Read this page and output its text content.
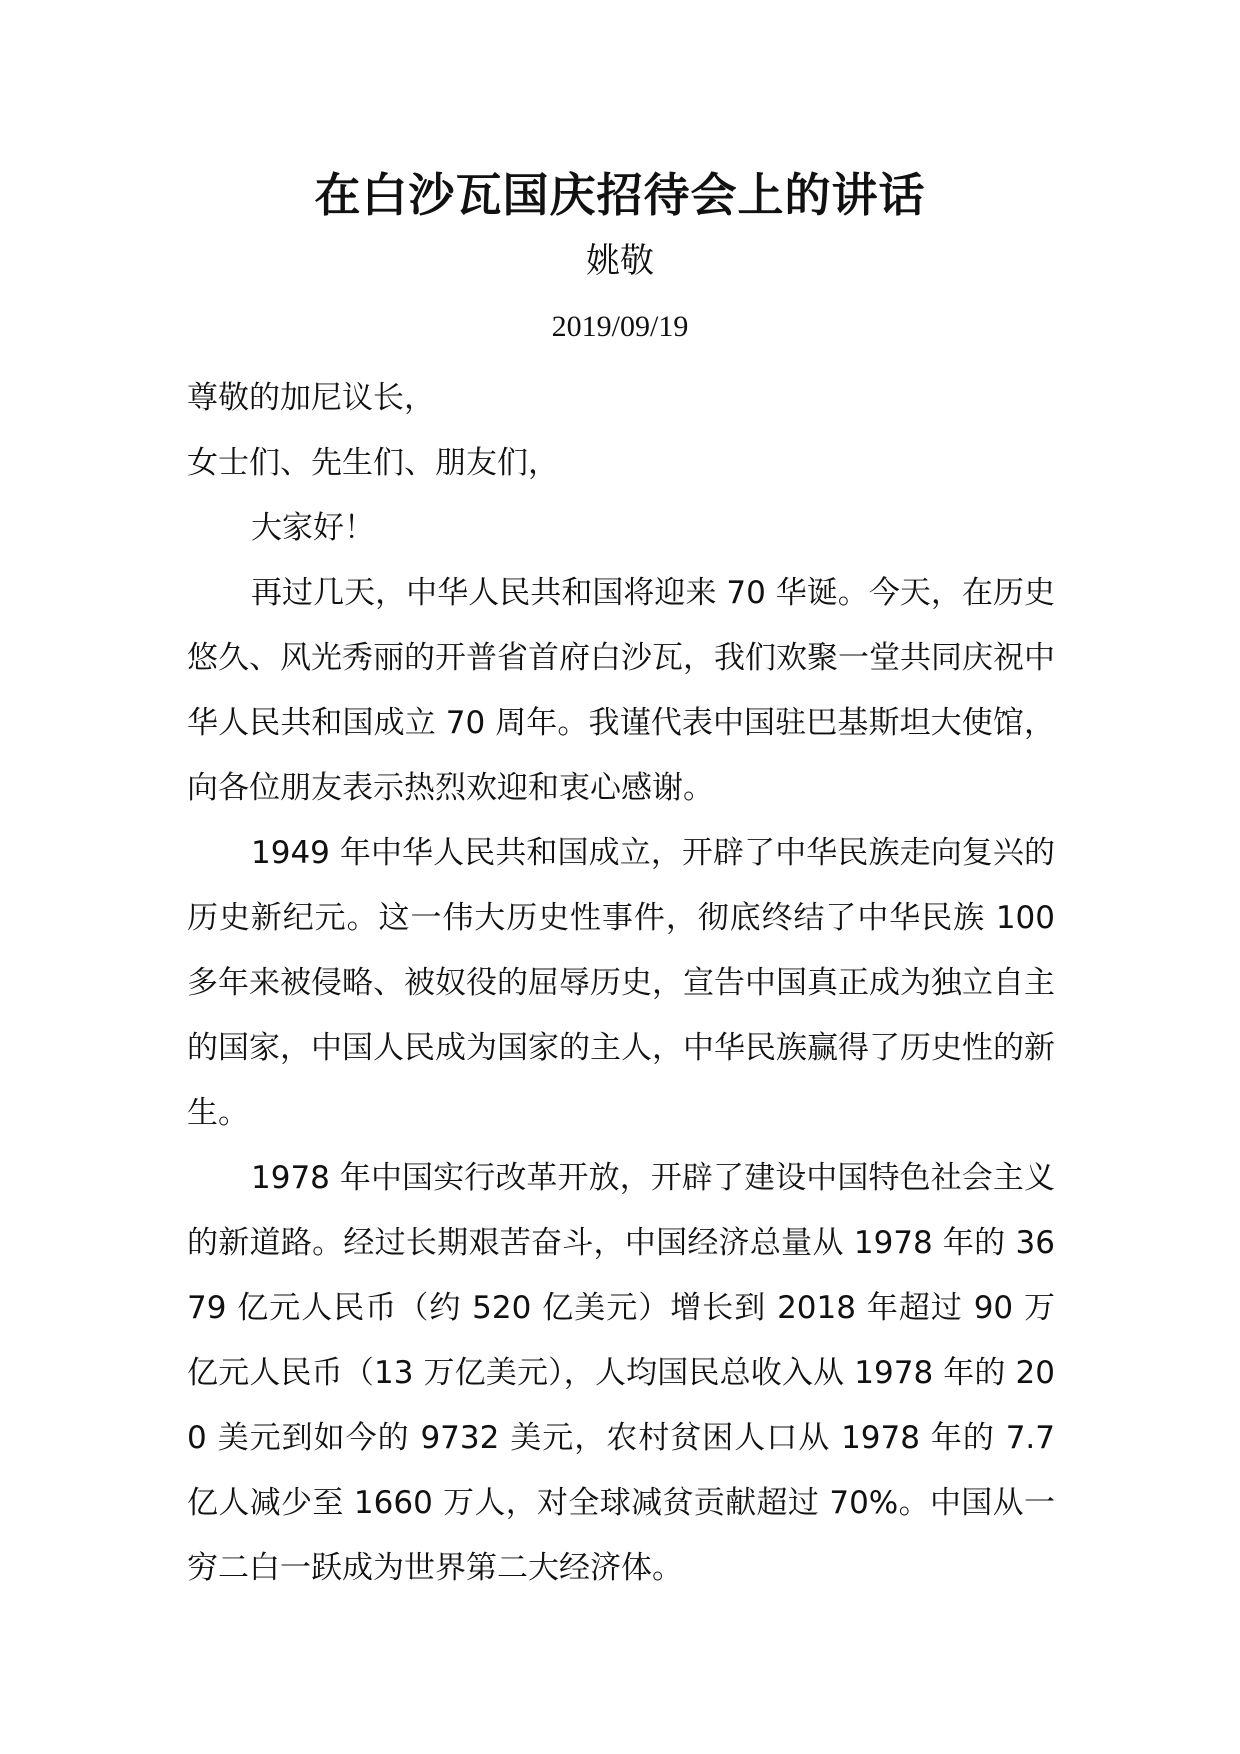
在白沙瓦国庆招待会上的讲话
姚敬
2019/09/19

尊敬的加尼议长，

女士们、先生们、朋友们，

大家好！

再过几天，中华人民共和国将迎来 70 华诞。今天，在历史悠久、风光秀丽的开普省首府白沙瓦，我们欢聚一堂共同庆祝中华人民共和国成立 70 周年。我谨代表中国驻巴基斯坦大使馆，向各位朋友表示热烈欢迎和衷心感谢。

1949 年中华人民共和国成立，开辟了中华民族走向复兴的历史新纪元。这一伟大历史性事件，彻底终结了中华民族 100 多年来被侵略、被奴役的屈辱历史，宣告中国真正成为独立自主的国家，中国人民成为国家的主人，中华民族赢得了历史性的新生。

1978 年中国实行改革开放，开辟了建设中国特色社会主义的新道路。经过长期艰苦奋斗，中国经济总量从 1978 年的 3679 亿元人民币（约 520 亿美元）增长到 2018 年超过 90 万亿元人民币（13 万亿美元），人均国民总收入从 1978 年的 200 美元到如今的 9732 美元，农村贫困人口从 1978 年的 7.7 亿人减少至 1660 万人，对全球减贫贡献超过 70%。中国从一穷二白一跃成为世界第二大经济体。
